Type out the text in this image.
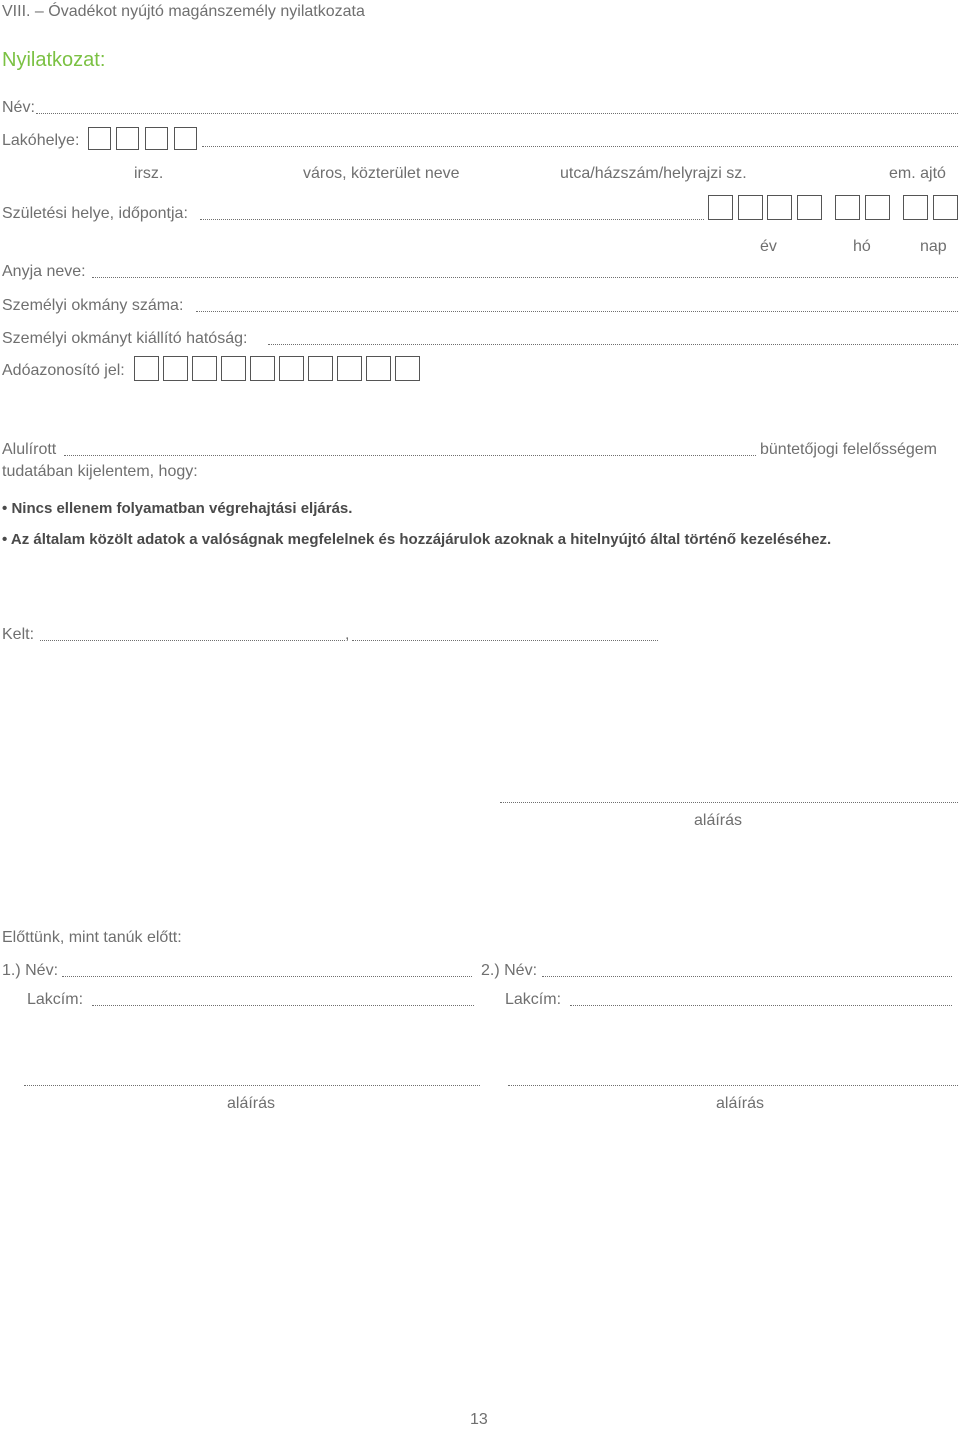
VIII. – Óvadékot nyújtó magánszemély nyilatkozata
Nyilatkozat:
Név:
Lakóhelye:
irsz.	város, közterület neve	utca/házszám/helyrajzi sz.	em. ajtó
Születési helye, időpontja:
év	hó	nap
Anyja neve:
Személyi okmány száma:
Személyi okmányt kiállító hatóság:
Adóazonosító jel:
Alulírott	büntetőjogi felelősségem
tudatában kijelentem, hogy:
• Nincs ellenem folyamatban végrehajtási eljárás.
• Az általam közölt adatok a valóságnak megfelelnek és hozzájárulok azoknak a hitelnyújtó által történő kezeléséhez.
Kelt:	,
aláírás
Előttünk, mint tanúk előtt:
1.) Név:	2.) Név:
Lakcím:	Lakcím:
aláírás	aláírás
13
